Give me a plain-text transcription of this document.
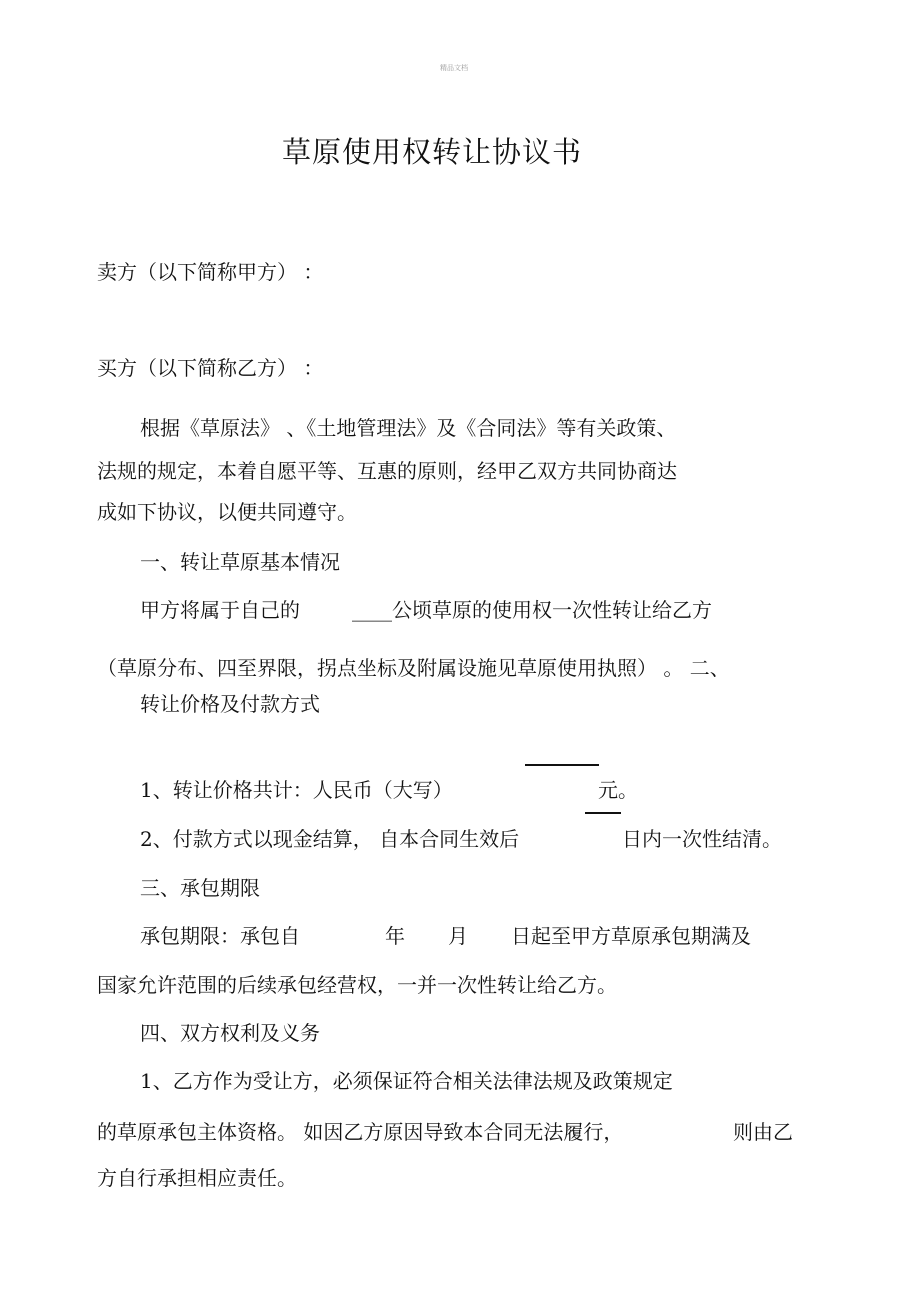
精品文档
草原使用权转让协议书
卖方（以下简称甲方） ：
买方（以下简称乙方） ：
根据《草原法》 、《土地管理法》及《合同法》等有关政策、
法规的规定，本着自愿平等、互惠的原则，经甲乙双方共同协商达
成如下协议，以便共同遵守。
一、转让草原基本情况
甲方将属于自己的	____ 公顷草原的使用权一次性转让给乙方
（草原分布、四至界限，拐点坐标及附属设施见草原使用执照） 。 二、
转让价格及付款方式
1、转让价格共计：人民币（大写）	元。
2、付款方式以现金结算， 自本合同生效后	日内一次性结清。
三、承包期限
承包期限：承包自	年 月 日起至甲方草原承包期满及
国家允许范围的后续承包经营权，一并一次性转让给乙方。
四、双方权利及义务
1、乙方作为受让方，必须保证符合相关法律法规及政策规定
的草原承包主体资格。 如因乙方原因导致本合同无法履行，	则由乙
方自行承担相应责任。
